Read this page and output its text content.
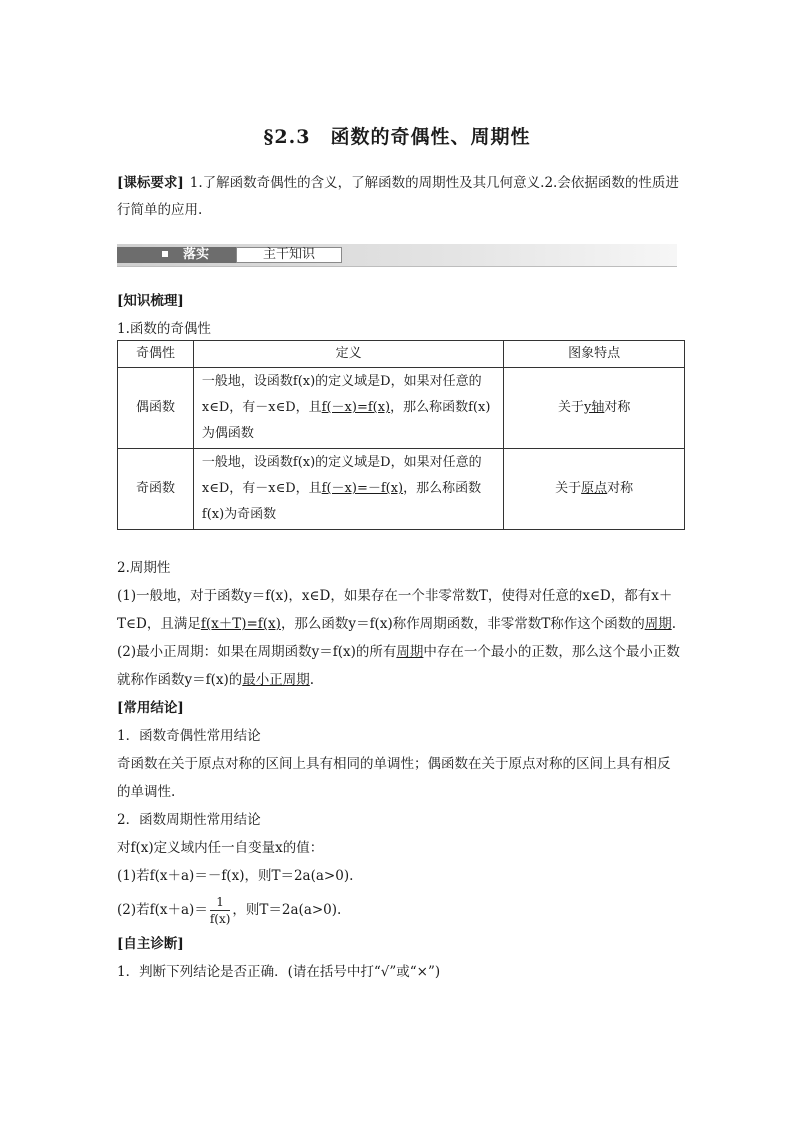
§2.3　函数的奇偶性、周期性
[课标要求] 1.了解函数奇偶性的含义，了解函数的周期性及其几何意义.2.会依据函数的性质进行简单的应用.
落实	主干知识
[知识梳理]
1.函数的奇偶性
奇偶性	定义	图象特点
偶函数	一般地，设函数f(x)的定义域是D，如果对任意的x∈D，有－x∈D，且f(－x)=f(x)，那么称函数f(x)为偶函数	关于y轴对称
奇函数	一般地，设函数f(x)的定义域是D，如果对任意的x∈D，有－x∈D，且f(－x)=－f(x)，那么称函数f(x)为奇函数	关于原点对称
2.周期性
(1)一般地，对于函数y＝f(x)，x∈D，如果存在一个非零常数T，使得对任意的x∈D，都有x＋T∈D，且满足f(x＋T)=f(x)，那么函数y＝f(x)称作周期函数，非零常数T称作这个函数的周期.
(2)最小正周期：如果在周期函数y＝f(x)的所有周期中存在一个最小的正数，那么这个最小正数就称作函数y＝f(x)的最小正周期.
[常用结论]
1．函数奇偶性常用结论
奇函数在关于原点对称的区间上具有相同的单调性；偶函数在关于原点对称的区间上具有相反的单调性.
2．函数周期性常用结论
对f(x)定义域内任一自变量x的值：
(1)若f(x＋a)＝－f(x)，则T＝2a(a>0).
(2)若$f(x+a)= \frac{1}{f(x)}$ ，则T＝2a(a>0).
[自主诊断]
1．判断下列结论是否正确．(请在括号中打“√”或“×”)
